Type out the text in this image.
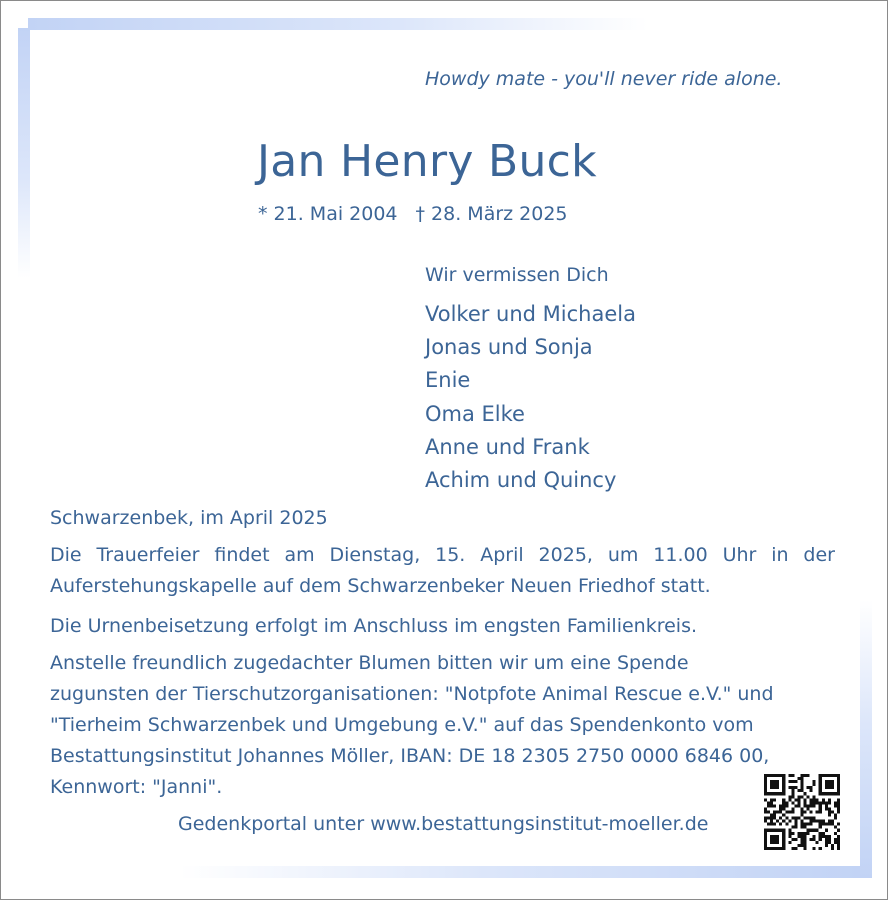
Howdy mate - you'll never ride alone.
Jan Henry Buck
* 21. Mai 2004 † 28. März 2025
Wir vermissen Dich
Volker und Michaela
Jonas und Sonja
Enie
Oma Elke
Anne und Frank
Achim und Quincy
Schwarzenbek, im April 2025

Die Trauerfeier findet am Dienstag, 15. April 2025, um 11.00 Uhr in der Auferstehungskapelle auf dem Schwarzenbeker Neuen Friedhof statt.

Die Urnenbeisetzung erfolgt im Anschluss im engsten Familienkreis.

Anstelle freundlich zugedachter Blumen bitten wir um eine Spende
zugunsten der Tierschutzorganisationen: "Notpfote Animal Rescue e.V." und
"Tierheim Schwarzenbek und Umgebung e.V." auf das Spendenkonto vom
Bestattungsinstitut Johannes Möller, IBAN: DE 18 2305 2750 0000 6846 00,
Kennwort: "Janni".

Gedenkportal unter www.bestattungsinstitut-moeller.de
